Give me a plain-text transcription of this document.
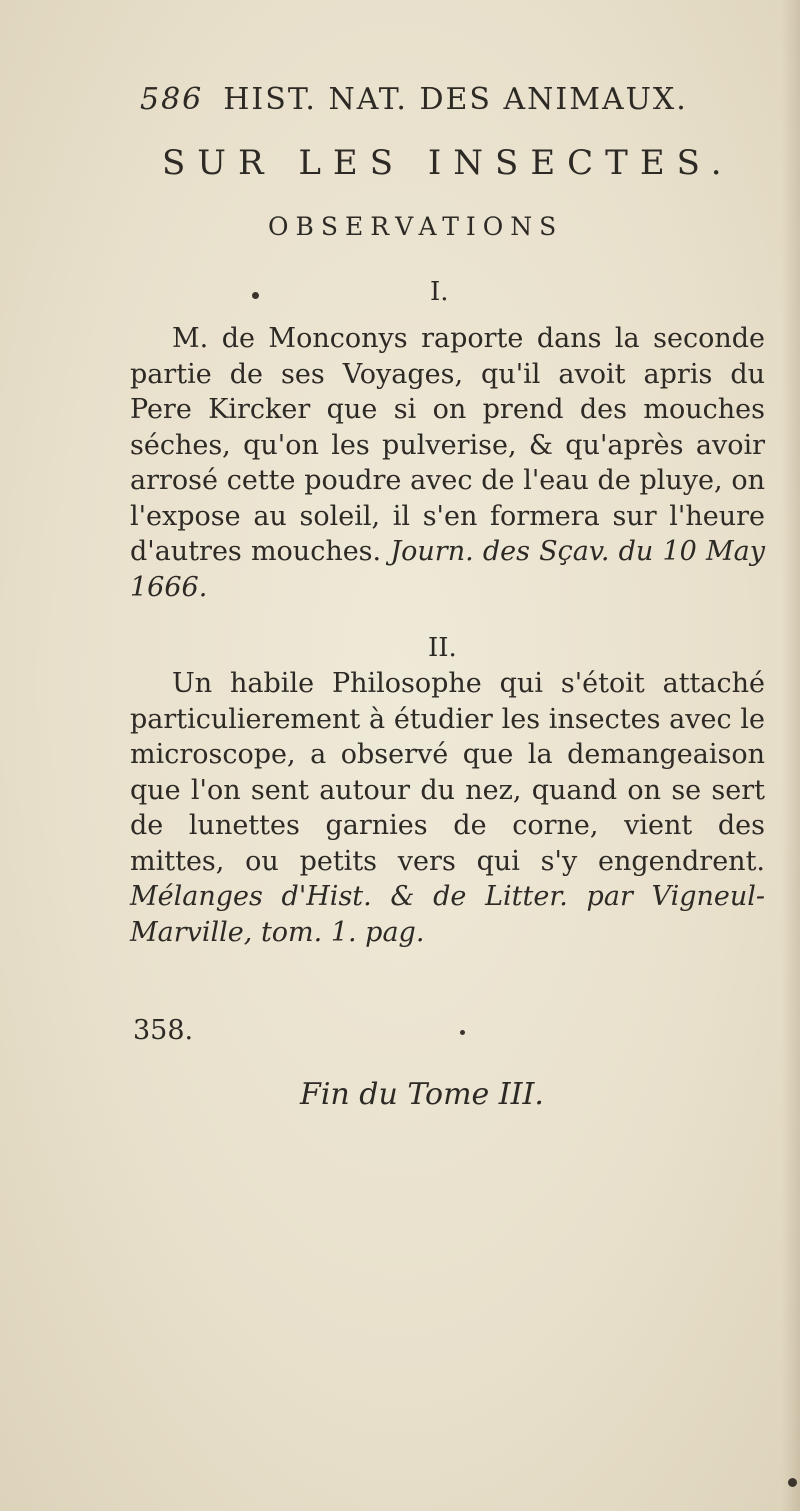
586 HIST. NAT. DES ANIMAUX.
SUR LES INSECTES.
OBSERVATIONS
I.
M. de Monconys raporte dans la seconde partie de ses Voyages, qu'il avoit apris du Pere Kircker que si on prend des mouches séches, qu'on les pulverise, & qu'après avoir arrosé cette poudre avec de l'eau de pluye, on l'expose au soleil, il s'en formera sur l'heure d'autres mouches. Journ. des Sçav. du 10 May 1666.
II.
Un habile Philosophe qui s'étoit attaché particulierement à étudier les insectes avec le microscope, a observé que la demangeaison que l'on sent autour du nez, quand on se sert de lunettes garnies de corne, vient des mittes, ou petits vers qui s'y engendrent. Mélanges d'Hist. & de Litter. par Vigneul-Marville, tom. 1. pag.
358.
Fin du Tome III.
